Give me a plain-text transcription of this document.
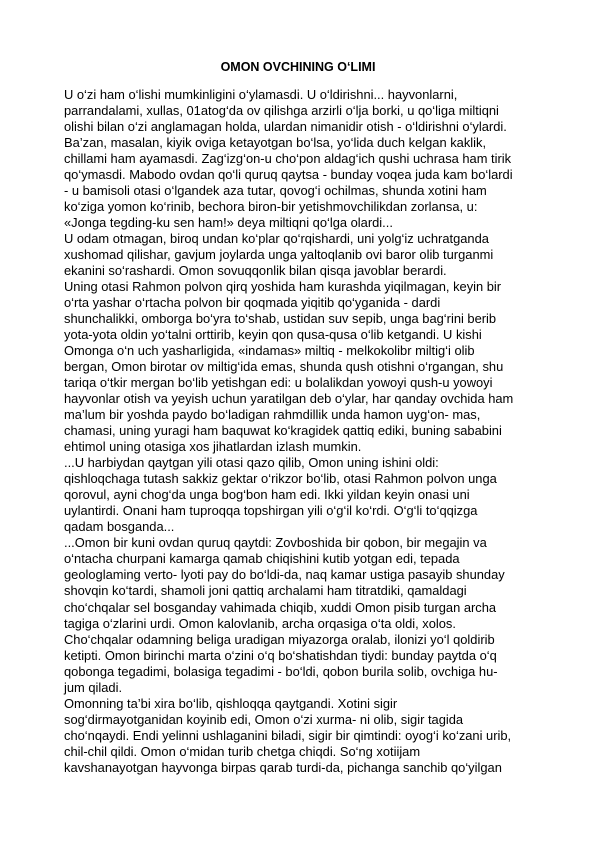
OMON OVCHINING O‘LIMI
U o‘zi ham o‘lishi mumkinligini o‘ylamasdi. U o‘ldirishni... hayvonlarni,
parrandalami, xullas, 01atog‘da ov qilishga arzirli o‘lja borki, u qo‘liga miltiqni
olishi bilan o‘zi anglamagan holda, ulardan nimanidir otish - o‘ldirishni o‘ylardi.
Ba’zan, masalan, kiyik oviga ketayotgan bo‘lsa, yo‘lida duch kelgan kaklik,
chillami ham ayamasdi. Zag‘izg‘on-u cho‘pon aldag‘ich qushi uchrasa ham tirik
qo‘ymasdi. Mabodo ovdan qo‘li quruq qaytsa - bunday voqea juda kam bo‘lardi
- u bamisoli otasi o‘lgandek aza tutar, qovog‘i ochilmas, shunda xotini ham
ko‘ziga yomon ko‘rinib, bechora biron-bir yetishmovchilikdan zorlansa, u:
«Jonga tegding-ku sen ham!» deya miltiqni qo‘lga olardi...
U odam otmagan, biroq undan ko‘plar qo‘rqishardi, uni yolg‘iz uchratganda
xushomad qilishar, gavjum joylarda unga yaltoqlanib ovi baror olib turganmi
ekanini so‘rashardi. Omon sovuqqonlik bilan qisqa javoblar berardi.
Uning otasi Rahmon polvon qirq yoshida ham kurashda yiqilmagan, keyin bir
o‘rta yashar o‘rtacha polvon bir qoqmada yiqitib qo‘yganida - dardi
shunchalikki, omborga bo‘yra to‘shab, ustidan suv sepib, unga bag‘rini berib
yota-yota oldin yo‘talni orttirib, keyin qon qusa-qusa o‘lib ketgandi. U kishi
Omonga o‘n uch yasharligida, «indamas» miltiq - melkokolibr miltig‘i olib
bergan, Omon birotar ov miltig‘ida emas, shunda qush otishni o‘rgangan, shu
tariqa o‘tkir mergan bo‘lib yetishgan edi: u bolalikdan yowoyi qush-u yowoyi
hayvonlar otish va yeyish uchun yaratilgan deb o‘ylar, har qanday ovchida ham
ma’lum bir yoshda paydo bo‘ladigan rahmdillik unda hamon uyg‘on- mas,
chamasi, uning yuragi ham baquwat ko‘kragidek qattiq ediki, buning sababini
ehtimol uning otasiga xos jihatlardan izlash mumkin.
...U harbiydan qaytgan yili otasi qazo qilib, Omon uning ishini oldi:
qishloqchaga tutash sakkiz gektar o‘rikzor bo‘lib, otasi Rahmon polvon unga
qorovul, ayni chog‘da unga bog‘bon ham edi. Ikki yildan keyin onasi uni
uylantirdi. Onani ham tuproqqa topshirgan yili o‘g‘il ko‘rdi. O‘g‘li to‘qqizga
qadam bosganda...
...Omon bir kuni ovdan quruq qaytdi: Zovboshida bir qobon, bir megajin va
o‘ntacha churpani kamarga qamab chiqishini kutib yotgan edi, tepada
geologlaming verto- lyoti pay do bo‘ldi-da, naq kamar ustiga pasayib shunday
shovqin ko‘tardi, shamoli joni qattiq archalami ham titratdiki, qamaldagi
cho‘chqalar sel bosganday vahimada chiqib, xuddi Omon pisib turgan archa
tagiga o‘zlarini urdi. Omon kalovlanib, archa orqasiga o‘ta oldi, xolos.
Cho‘chqalar odamning beliga uradigan miyazorga oralab, ilonizi yo‘l qoldirib
ketipti. Omon birinchi marta o‘zini o‘q bo‘shatishdan tiydi: bunday paytda o‘q
qobonga tegadimi, bolasiga tegadimi - bo‘ldi, qobon burila solib, ovchiga hu-
jum qiladi.
Omonning ta’bi xira bo‘lib, qishloqqa qaytgandi. Xotini sigir
sog‘dirmayotganidan koyinib edi, Omon o‘zi xurma- ni olib, sigir tagida
cho‘nqaydi. Endi yelinni ushlaganini biladi, sigir bir qimtindi: oyog‘i ko‘zani urib,
chil-chil qildi. Omon o‘midan turib chetga chiqdi. So‘ng xotiijam
kavshanayotgan hayvonga birpas qarab turdi-da, pichanga sanchib qo‘yilgan
